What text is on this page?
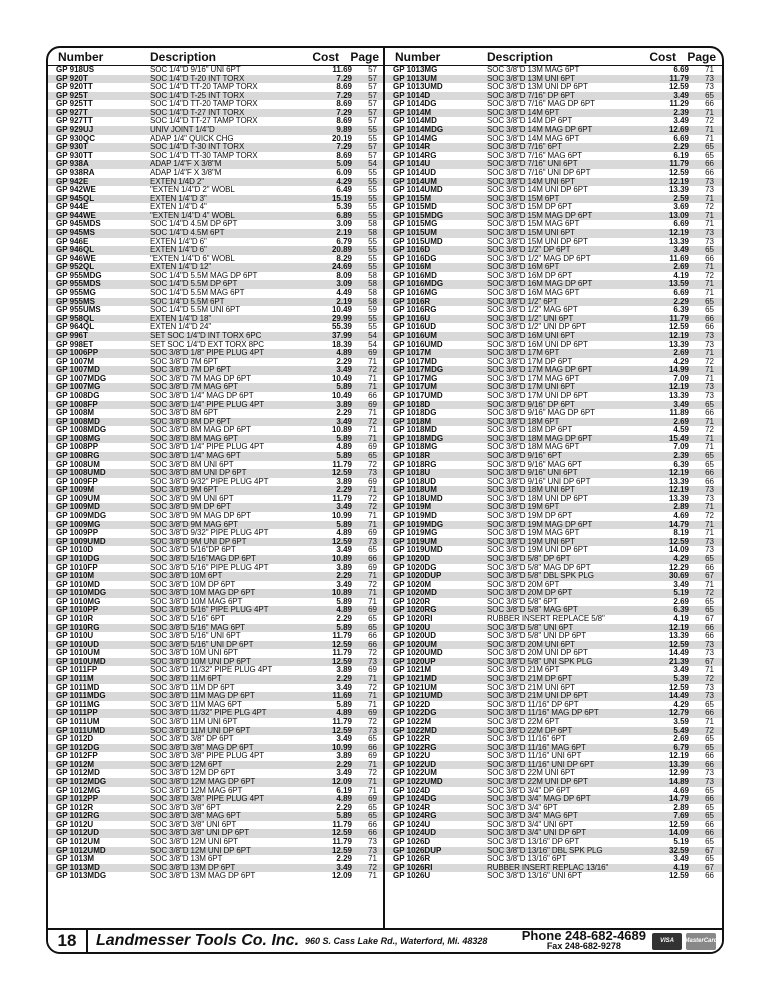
Number	Description	Cost Page
GP 918US	SOC 1/4"D 9/16" UNI 6PT	11.69	57
GP 920T	SOC 1/4"D T-20 INT TORX	7.29	57
GP 920TT	SOC 1/4"D TT-20 TAMP TORX	8.69	57
GP 925T	SOC 1/4"D T-25 INT TORX	7.29	57
GP 925TT	SOC 1/4"D TT-20 TAMP TORX	8.69	57
GP 927T	SOC 1/4"D T-27 INT TORX	7.29	57
GP 927TT	SOC 1/4"D TT-27 TAMP TORX	8.69	57
GP 929UJ	UNIV JOINT 1/4"D	9.89	55
GP 930QC	ADAP 1/4" QUICK CHG	20.19	55
GP 930T	SOC 1/4"D T-30 INT TORX	7.29	57
GP 930TT	SOC 1/4"D TT-30 TAMP TORX	8.69	57
GP 938A	ADAP 1/4"F X 3/8"M	5.09	54
GP 938RA	ADAP 1/4"F X 3/8"M	6.09	55
GP 942E	EXTEN 1/4D 2"	4.29	55
GP 942WE	"EXTEN 1/4"D 2" WOBL	6.49	55
GP 945QL	EXTEN 1/4"D 3"	15.19	55
GP 944E	EXTEN 1/4"D 4"	5.39	55
GP 944WE	"EXTEN 1/4"D 4" WOBL	6.89	55
GP 945MDS	SOC 1/4"D 4.5M DP 6PT	3.09	58
GP 945MS	SOC 1/4"D 4.5M 6PT	2.19	58
GP 946E	EXTEN 1/4"D 6"	6.79	55
GP 946QL	EXTEN 1/4"D 6"	20.89	55
GP 946WE	"EXTEN 1/4"D 6" WOBL	8.29	55
GP 952QL	EXTEN 1/4"D 12"	24.69	55
GP 955MDG	SOC 1/4"D 5.5M MAG DP 6PT	8.09	58
GP 955MDS	SOC 1/4"D 5.5M DP 6PT	3.09	58
GP 955MG	SOC 1/4"D 5.5M MAG 6PT	4.49	58
GP 955MS	SOC 1/4"D 5.5M 6PT	2.19	58
GP 955UMS	SOC 1/4"D 5.5M UNI 6PT	10.49	59
GP 958QL	EXTEN 1/4"D 18"	29.99	55
GP 964QL	EXTEN 1/4"D 24"	55.39	55
GP 996T	SET SOC 1/4"D INT TORX 6PC	37.99	54
GP 998ET	SET SOC 1/4"D EXT TORX 8PC	18.39	54
GP 1006PP	SOC 3/8"D 1/8" PIPE PLUG 4PT	4.89	69
GP 1007M	SOC 3/8"D 7M 6PT	2.29	71
GP 1007MD	SOC 3/8"D 7M DP 6PT	3.49	72
GP 1007MDG	SOC 3/8"D 7M MAG DP 6PT	10.49	71
GP 1007MG	SOC 3/8"D 7M MAG 6PT	5.89	71
GP 1008DG	SOC 3/8"D 1/4" MAG DP 6PT	10.49	66
GP 1008FP	SOC 3/8"D 1/4" PIPE PLUG 4PT	3.89	69
GP 1008M	SOC 3/8"D 8M 6PT	2.29	71
GP 1008MD	SOC 3/8"D 8M DP 6PT	3.49	72
GP 1008MDG	SOC 3/8"D 8M MAG DP 6PT	10.89	71
GP 1008MG	SOC 3/8"D 8M MAG 6PT	5.89	71
GP 1008PP	SOC 3/8"D 1/4" PIPE PLUG 4PT	4.89	69
GP 1008RG	SOC 3/8"D 1/4" MAG 6PT	5.89	65
GP 1008UM	SOC 3/8"D 8M UNI 6PT	11.79	72
GP 1008UMD	SOC 3/8"D 8M UNI DP 6PT	12.59	73
GP 1009FP	SOC 3/8"D 9/32" PIPE PLUG 4PT	3.89	69
GP 1009M	SOC 3/8"D 9M 6PT	2.29	71
GP 1009UM	SOC 3/8"D 9M UNI 6PT	11.79	72
GP 1009MD	SOC 3/8"D 9M DP 6PT	3.49	72
GP 1009MDG	SOC 3/8"D 9M MAG DP 6PT	10.99	71
GP 1009MG	SOC 3/8"D 9M MAG 6PT	5.89	71
GP 1009PP	SOC 3/8"D 9/32" PIPE PLUG 4PT	4.89	69
GP 1009UMD	SOC 3/8"D 9M UNI DP 6PT	12.59	73
GP 1010D	SOC 3/8"D 5/16"DP 6PT	3.49	65
GP 1010DG	SOC 3/8"D 5/16"MAG DP 6PT	10.89	66
GP 1010FP	SOC 3/8"D 5/16" PIPE PLUG 4PT	3.89	69
GP 1010M	SOC 3/8"D 10M 6PT	2.29	71
GP 1010MD	SOC 3/8"D 10M DP 6PT	3.49	72
GP 1010MDG	SOC 3/8"D 10M MAG DP 6PT	10.89	71
GP 1010MG	SOC 3/8"D 10M MAG 6PT	5.89	71
GP 1010PP	SOC 3/8"D 5/16" PIPE PLUG 4PT	4.89	69
GP 1010R	SOC 3/8"D 5/16" 6PT	2.29	65
GP 1010RG	SOC 3/8"D 5/16" MAG 6PT	5.89	65
GP 1010U	SOC 3/8"D 5/16" UNI 6PT	11.79	66
GP 1010UD	SOC 3/8"D 5/16" UNI DP 6PT	12.59	66
GP 1010UM	SOC 3/8"D 10M UNI 6PT	11.79	72
GP 1010UMD	SOC 3/8"D 10M UNI DP 6PT	12.59	73
GP 1011FP	SOC 3/8"D 11/32" PIPE PLUG 4PT	3.89	69
GP 1011M	SOC 3/8"D 11M 6PT	2.29	71
GP 1011MD	SOC 3/8"D 11M DP 6PT	3.49	72
GP 1011MDG	SOC 3/8"D 11M MAG DP 6PT	11.69	71
GP 1011MG	SOC 3/8"D 11M MAG 6PT	5.89	71
GP 1011PP	SOC 3/8"D 11/32" PIPE PLG 4PT	4.89	69
GP 1011UM	SOC 3/8"D 11M UNI 6PT	11.79	72
GP 1011UMD	SOC 3/8"D 11M UNI DP 6PT	12.59	73
GP 1012D	SOC 3/8"D 3/8" DP 6PT	3.49	65
GP 1012DG	SOC 3/8"D 3/8" MAG DP 6PT	10.99	66
GP 1012FP	SOC 3/8"D 3/8" PIPE PLUG 4PT	3.89	69
GP 1012M	SOC 3/8"D 12M 6PT	2.29	71
GP 1012MD	SOC 3/8"D 12M DP 6PT	3.49	72
GP 1012MDG	SOC 3/8"D 12M MAG DP 6PT	12.09	71
GP 1012MG	SOC 3/8"D 12M MAG 6PT	6.19	71
GP 1012PP	SOC 3/8"D 3/8" PIPE PLUG 4PT	4.89	69
GP 1012R	SOC 3/8"D 3/8" 6PT	2.29	65
GP 1012RG	SOC 3/8"D 3/8" MAG 6PT	5.89	65
GP 1012U	SOC 3/8"D 3/8" UNI 6PT	11.79	66
GP 1012UD	SOC 3/8"D 3/8" UNI DP 6PT	12.59	66
GP 1012UM	SOC 3/8"D 12M UNI 6PT	11.79	73
GP 1012UMD	SOC 3/8"D 12M UNI DP 6PT	12.59	73
GP 1013M	SOC 3/8"D 13M 6PT	2.29	71
GP 1013MD	SOC 3/8"D 13M DP 6PT	3.49	72
GP 1013MDG	SOC 3/8"D 13M MAG DP 6PT	12.09	71
Number	Description	Cost Page
GP 1013MG	SOC 3/8"D 13M MAG 6PT	6.69	71
GP 1013UM	SOC 3/8"D 13M UNI 6PT	11.79	73
GP 1013UMD	SOC 3/8"D 13M UNI DP 6PT	12.59	73
GP 1014D	SOC 3/8"D 7/16" DP 6PT	3.49	65
GP 1014DG	SOC 3/8"D 7/16" MAG DP 6PT	11.29	66
GP 1014M	SOC 3/8"D 14M 6PT	2.39	71
GP 1014MD	SOC 3/8"D 14M DP 6PT	3.49	72
GP 1014MDG	SOC 3/8"D 14M MAG DP 6PT	12.69	71
GP 1014MG	SOC 3/8"D 14M MAG 6PT	6.69	71
GP 1014R	SOC 3/8"D 7/16" 6PT	2.29	65
GP 1014RG	SOC 3/8"D 7/16" MAG 6PT	6.19	65
GP 1014U	SOC 3/8"D 7/16" UNI 6PT	11.79	66
GP 1014UD	SOC 3/8"D 7/16" UNI DP 6PT	12.59	66
GP 1014UM	SOC 3/8"D 14M UNI 6PT	12.19	73
GP 1014UMD	SOC 3/8"D 14M UNI DP 6PT	13.39	73
GP 1015M	SOC 3/8"D 15M 6PT	2.59	71
GP 1015MD	SOC 3/8"D 15M DP 6PT	3.69	72
GP 1015MDG	SOC 3/8"D 15M MAG DP 6PT	13.09	71
GP 1015MG	SOC 3/8"D 15M MAG 6PT	6.69	71
GP 1015UM	SOC 3/8"D 15M UNI 6PT	12.19	73
GP 1015UMD	SOC 3/8"D 15M UNI DP 6PT	13.39	73
GP 1016D	SOC 3/8"D 1/2" DP 6PT	3.49	65
GP 1016DG	SOC 3/8"D 1/2" MAG DP 6PT	11.69	66
GP 1016M	SOC 3/8"D 16M 6PT	2.69	71
GP 1016MD	SOC 3/8"D 16M DP 6PT	4.19	72
GP 1016MDG	SOC 3/8"D 16M MAG DP 6PT	13.59	71
GP 1016MG	SOC 3/8"D 16M MAG 6PT	6.69	71
GP 1016R	SOC 3/8"D 1/2" 6PT	2.29	65
GP 1016RG	SOC 3/8"D 1/2" MAG 6PT	6.39	65
GP 1016U	SOC 3/8"D 1/2" UNI 6PT	11.79	66
GP 1016UD	SOC 3/8"D 1/2" UNI DP 6PT	12.59	66
GP 1016UM	SOC 3/8"D 16M UNI 6PT	12.19	73
GP 1016UMD	SOC 3/8"D 16M UNI DP 6PT	13.39	73
GP 1017M	SOC 3/8"D 17M 6PT	2.69	71
GP 1017MD	SOC 3/8"D 17M DP 6PT	4.29	72
GP 1017MDG	SOC 3/8"D 17M MAG DP 6PT	14.99	71
GP 1017MG	SOC 3/8"D 17M MAG 6PT	7.09	71
GP 1017UM	SOC 3/8"D 17M UNI 6PT	12.19	73
GP 1017UMD	SOC 3/8"D 17M UNI DP 6PT	13.39	73
GP 1018D	SOC 3/8"D 9/16" DP 6PT	3.49	65
GP 1018DG	SOC 3/8"D 9/16" MAG DP 6PT	11.89	66
GP 1018M	SOC 3/8"D 18M 6PT	2.69	71
GP 1018MD	SOC 3/8"D 18M DP 6PT	4.59	72
GP 1018MDG	SOC 3/8"D 18M MAG DP 6PT	15.49	71
GP 1018MG	SOC 3/8"D 18M MAG 6PT	7.09	71
GP 1018R	SOC 3/8"D 9/16" 6PT	2.39	65
GP 1018RG	SOC 3/8"D 9/16" MAG 6PT	6.39	65
GP 1018U	SOC 3/8"D 9/16" UNI 6PT	12.19	66
GP 1018UD	SOC 3/8"D 9/16" UNI DP 6PT	13.39	66
GP 1018UM	SOC 3/8"D 18M UNI 6PT	12.19	73
GP 1018UMD	SOC 3/8"D 18M UNI DP 6PT	13.39	73
GP 1019M	SOC 3/8"D 19M 6PT	2.89	71
GP 1019MD	SOC 3/8"D 19M DP 6PT	4.69	72
GP 1019MDG	SOC 3/8"D 19M MAG DP 6PT	14.79	71
GP 1019MG	SOC 3/8"D 19M MAG 6PT	8.19	71
GP 1019UM	SOC 3/8"D 19M UNI 6PT	12.59	73
GP 1019UMD	SOC 3/8"D 19M UNI DP 6PT	14.09	73
GP 1020D	SOC 3/8"D 5/8" DP 6PT	4.29	65
GP 1020DG	SOC 3/8"D 5/8" MAG DP 6PT	12.29	66
GP 1020DUP	SOC 3/8"D 5/8" DBL SPK PLG	30.69	67
GP 1020M	SOC 3/8"D 20M 6PT	3.49	71
GP 1020MD	SOC 3/8"D 20M DP 6PT	5.19	72
GP 1020R	SOC 3/8"D 5/8" 6PT	2.69	65
GP 1020RG	SOC 3/8"D 5/8" MAG 6PT	6.39	65
GP 1020RI	RUBBER INSERT REPLACE 5/8"	4.19	67
GP 1020U	SOC 3/8"D 5/8" UNI 6PT	12.19	66
GP 1020UD	SOC 3/8"D 5/8" UNI DP 6PT	13.39	66
GP 1020UM	SOC 3/8"D 20M UNI 6PT	12.59	73
GP 1020UMD	SOC 3/8"D 20M UNI DP 6PT	14.49	73
GP 1020UP	SOC 3/8"D 5/8" UNI SPK PLG	21.39	67
GP 1021M	SOC 3/8"D 21M 6PT	3.49	71
GP 1021MD	SOC 3/8"D 21M DP 6PT	5.39	72
GP 1021UM	SOC 3/8"D 21M UNI 6PT	12.59	73
GP 1021UMD	SOC 3/8"D 21M UNI DP 6PT	14.49	73
GP 1022D	SOC 3/8"D 11/16" DP 6PT	4.29	65
GP 1022DG	SOC 3/8"D 11/16" MAG DP 6PT	12.79	66
GP 1022M	SOC 3/8"D 22M 6PT	3.59	71
GP 1022MD	SOC 3/8"D 22M DP 6PT	5.49	72
GP 1022R	SOC 3/8"D 11/16" 6PT	2.69	65
GP 1022RG	SOC 3/8"D 11/16" MAG 6PT	6.79	65
GP 1022U	SOC 3/8"D 11/16" UNI 6PT	12.19	66
GP 1022UD	SOC 3/8"D 11/16" UNI DP 6PT	13.39	66
GP 1022UM	SOC 3/8"D 22M UNI 6PT	12.99	73
GP 1022UMD	SOC 3/8"D 22M UNI DP 6PT	14.89	73
GP 1024D	SOC 3/8"D 3/4" DP 6PT	4.69	65
GP 1024DG	SOC 3/8"D 3/4" MAG DP 6PT	14.79	66
GP 1024R	SOC 3/8"D 3/4" 6PT	2.89	65
GP 1024RG	SOC 3/8"D 3/4" MAG 6PT	7.69	65
GP 1024U	SOC 3/8"D 3/4" UNI 6PT	12.59	66
GP 1024UD	SOC 3/8"D 3/4" UNI DP 6PT	14.09	66
GP 1026D	SOC 3/8"D 13/16" DP 6PT	5.19	65
GP 1026DUP	SOC 3/8"D 13/16" DBL SPK PLG	32.59	67
GP 1026R	SOC 3/8"D 13/16" 6PT	3.49	65
GP 1026RI	RUBBER INSERT REPLAC 13/16"	4.19	67
GP 1026U	SOC 3/8"D 13/16" UNI 6PT	12.59	66
18	Landmesser Tools Co. Inc. 960 S. Cass Lake Rd., Waterford, Mi. 48328	Phone 248-682-4689
Fax 248-682-9278	VISA	MasterCard
